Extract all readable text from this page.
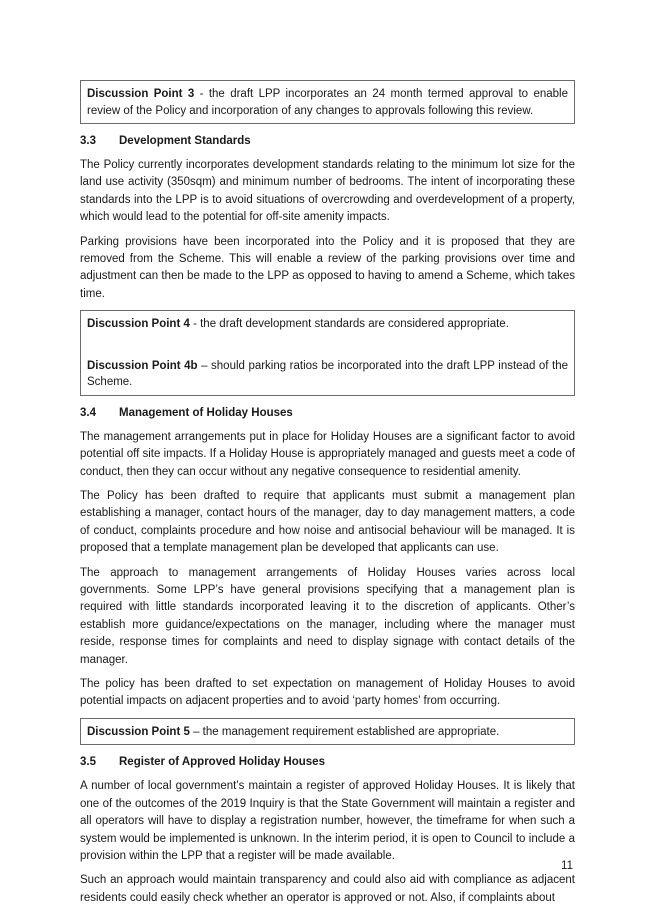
Discussion Point 3 - the draft LPP incorporates an 24 month termed approval to enable review of the Policy and incorporation of any changes to approvals following this review.
3.3	Development Standards

The Policy currently incorporates development standards relating to the minimum lot size for the land use activity (350sqm) and minimum number of bedrooms. The intent of incorporating these standards into the LPP is to avoid situations of overcrowding and overdevelopment of a property, which would lead to the potential for off-site amenity impacts.

Parking provisions have been incorporated into the Policy and it is proposed that they are removed from the Scheme. This will enable a review of the parking provisions over time and adjustment can then be made to the LPP as opposed to having to amend a Scheme, which takes time.

Discussion Point 4 - the draft development standards are considered appropriate.
Discussion Point 4b – should parking ratios be incorporated into the draft LPP instead of the Scheme.
3.4	Management of Holiday Houses

The management arrangements put in place for Holiday Houses are a significant factor to avoid potential off site impacts. If a Holiday House is appropriately managed and guests meet a code of conduct, then they can occur without any negative consequence to residential amenity.

The Policy has been drafted to require that applicants must submit a management plan establishing a manager, contact hours of the manager, day to day management matters, a code of conduct, complaints procedure and how noise and antisocial behaviour will be managed. It is proposed that a template management plan be developed that applicants can use.

The approach to management arrangements of Holiday Houses varies across local governments. Some LPP’s have general provisions specifying that a management plan is required with little standards incorporated leaving it to the discretion of applicants. Other’s establish more guidance/expectations on the manager, including where the manager must reside, response times for complaints and need to display signage with contact details of the manager.

The policy has been drafted to set expectation on management of Holiday Houses to avoid potential impacts on adjacent properties and to avoid ‘party homes’ from occurring.

Discussion Point 5 – the management requirement established are appropriate.
3.5	Register of Approved Holiday Houses

A number of local government’s maintain a register of approved Holiday Houses. It is likely that one of the outcomes of the 2019 Inquiry is that the State Government will maintain a register and all operators will have to display a registration number, however, the timeframe for when such a system would be implemented is unknown. In the interim period, it is open to Council to include a provision within the LPP that a register will be made available.

Such an approach would maintain transparency and could also aid with compliance as adjacent residents could easily check whether an operator is approved or not. Also, if complaints about

11
